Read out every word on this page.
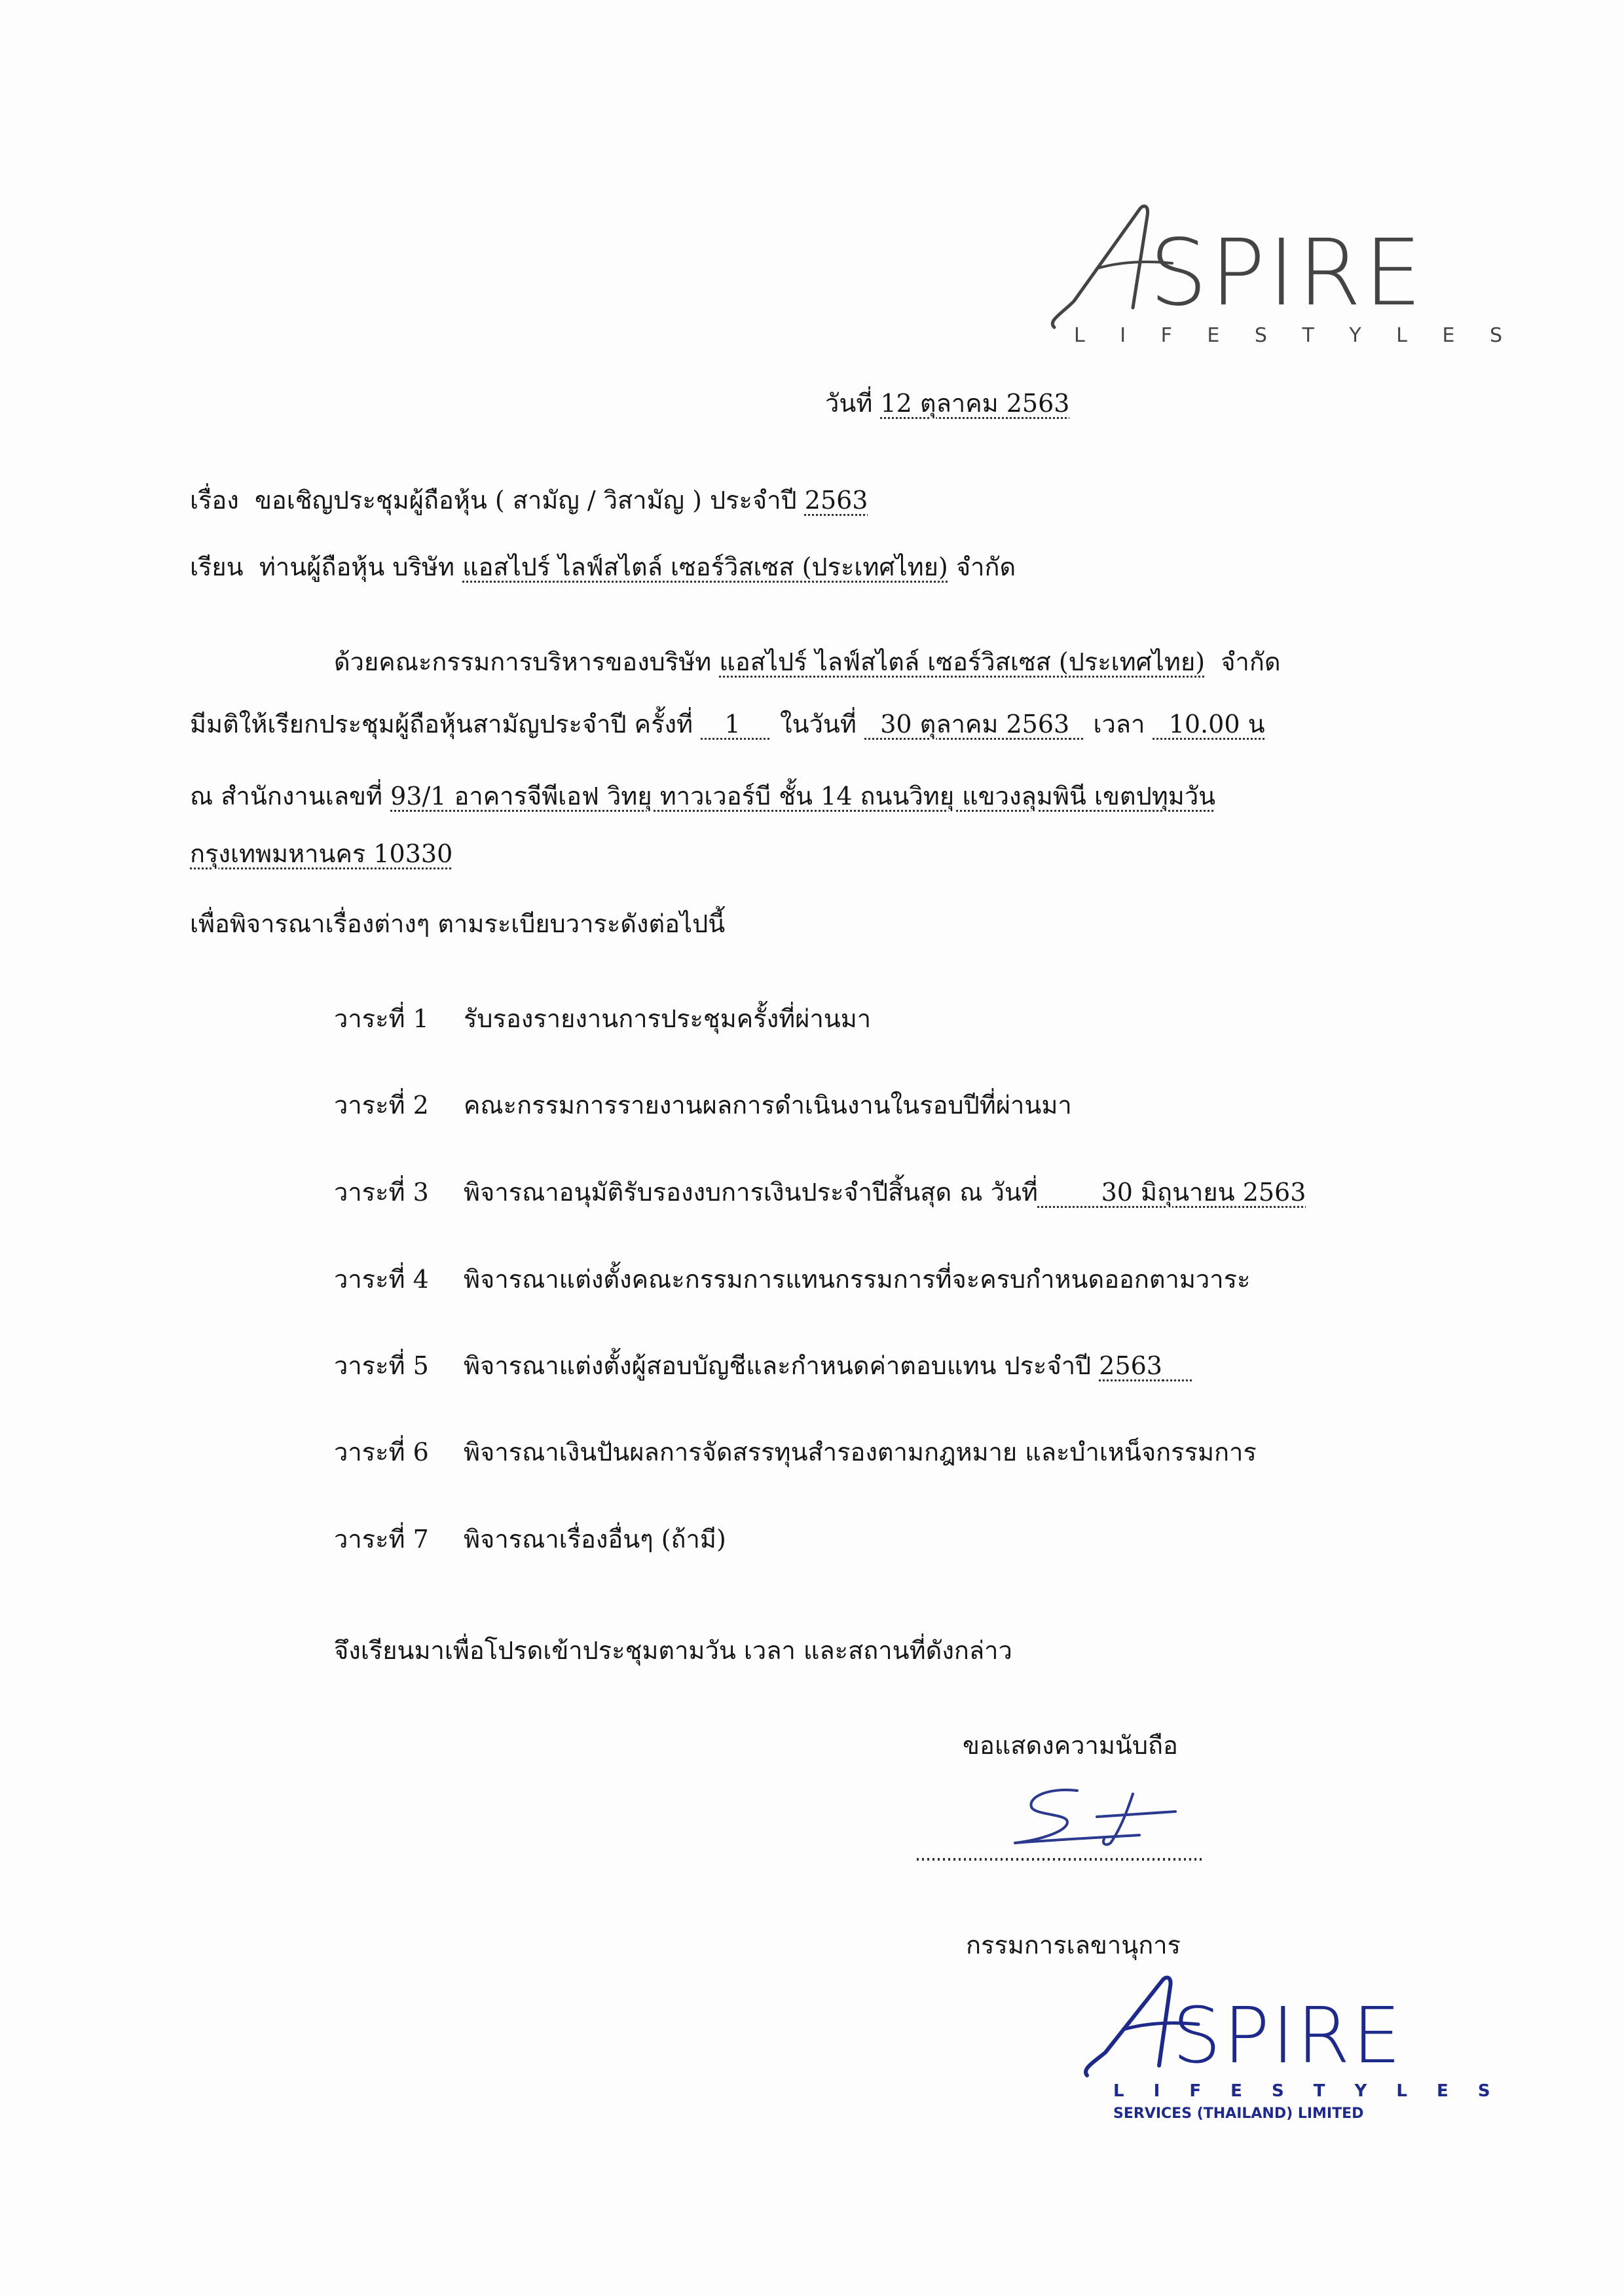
SPIRE
L I F E S T Y L E S
วันที่ 12 ตุลาคม 2563
เรื่อง ขอเชิญประชุมผู้ถือหุ้น ( สามัญ / วิสามัญ ) ประจำปี 2563
เรียน ท่านผู้ถือหุ้น บริษัท แอสไปร์ ไลฟ์สไตล์ เซอร์วิสเซส (ประเทศไทย) จำกัด
ด้วยคณะกรรมการบริหารของบริษัท แอสไปร์ ไลฟ์สไตล์ เซอร์วิสเซส (ประเทศไทย) จำกัด
มีมติให้เรียกประชุมผู้ถือหุ้นสามัญประจำปี ครั้งที่ 1 ในวันที่ 30 ตุลาคม 2563 เวลา 10.00 น
ณ สำนักงานเลขที่ 93/1 อาคารจีพีเอฟ วิทยุ ทาวเวอร์บี ชั้น 14 ถนนวิทยุ แขวงลุมพินี เขตปทุมวัน
กรุงเทพมหานคร 10330
เพื่อพิจารณาเรื่องต่างๆ ตามระเบียบวาระดังต่อไปนี้
วาระที่ 1 รับรองรายงานการประชุมครั้งที่ผ่านมา
วาระที่ 2 คณะกรรมการรายงานผลการดำเนินงานในรอบปีที่ผ่านมา
วาระที่ 3 พิจารณาอนุมัติรับรองงบการเงินประจำปีสิ้นสุด ณ วันที่	30 มิถุนายน 2563
วาระที่ 4 พิจารณาแต่งตั้งคณะกรรมการแทนกรรมการที่จะครบกำหนดออกตามวาระ
วาระที่ 5 พิจารณาแต่งตั้งผู้สอบบัญชีและกำหนดค่าตอบแทน ประจำปี 2563
วาระที่ 6 พิจารณาเงินปันผลการจัดสรรทุนสำรองตามกฎหมาย และบำเหน็จกรรมการ
วาระที่ 7 พิจารณาเรื่องอื่นๆ (ถ้ามี)
จึงเรียนมาเพื่อโปรดเข้าประชุมตามวัน เวลา และสถานที่ดังกล่าว
ขอแสดงความนับถือ
กรรมการเลขานุการ
SPIRE
L I F E S T Y L E S
SERVICES (THAILAND) LIMITED
